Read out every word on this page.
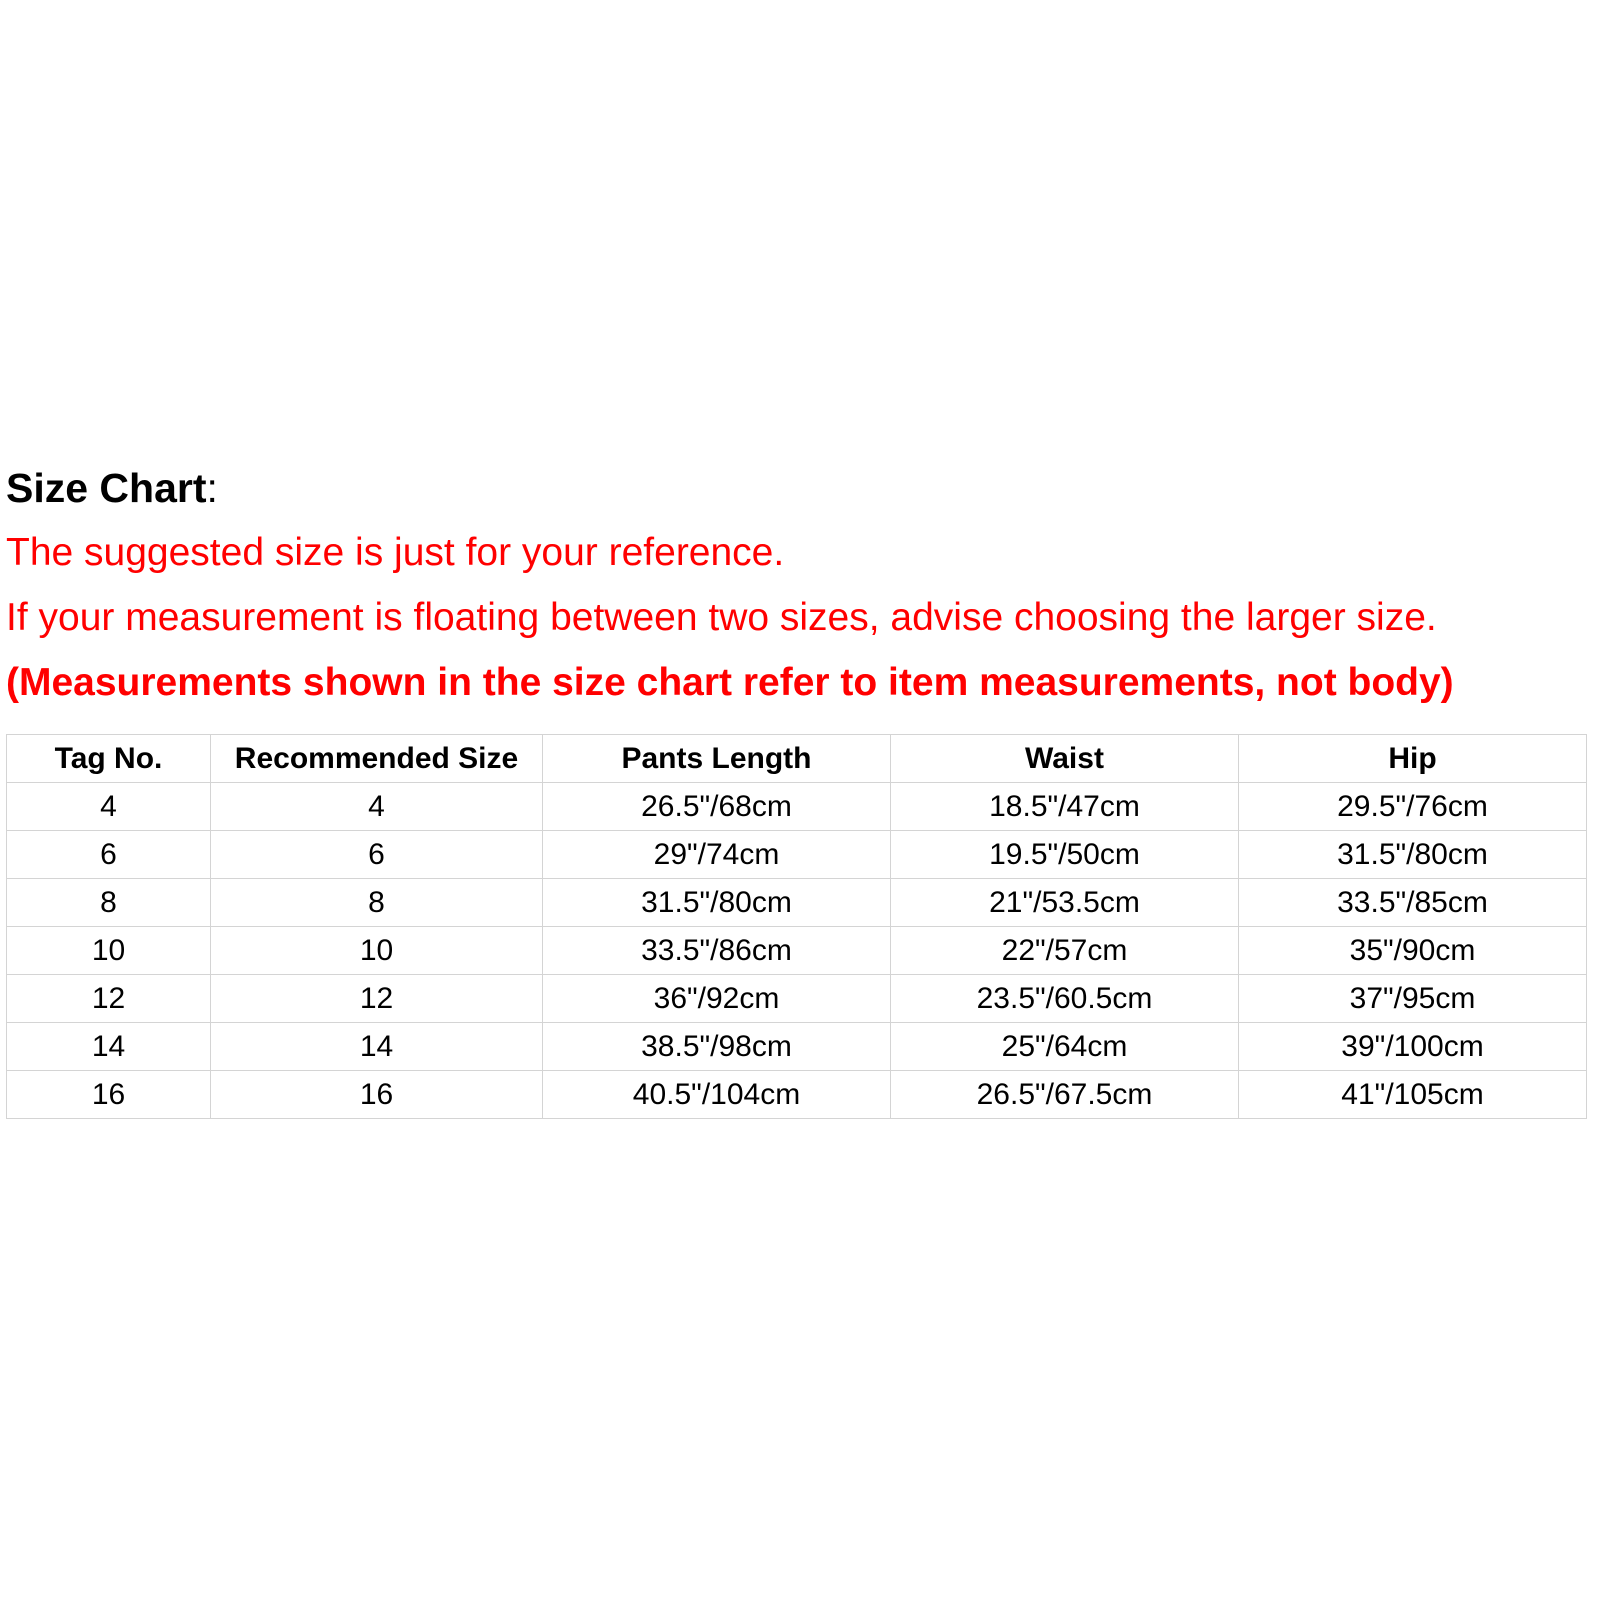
Size Chart:
The suggested size is just for your reference.
If your measurement is floating between two sizes, advise choosing the larger size.
(Measurements shown in the size chart refer to item measurements, not body)
Tag No.	Recommended Size	Pants Length	Waist	Hip
4	4	26.5"/68cm	18.5"/47cm	29.5"/76cm
6	6	29"/74cm	19.5"/50cm	31.5"/80cm
8	8	31.5"/80cm	21"/53.5cm	33.5"/85cm
10	10	33.5"/86cm	22"/57cm	35"/90cm
12	12	36"/92cm	23.5"/60.5cm	37"/95cm
14	14	38.5"/98cm	25"/64cm	39"/100cm
16	16	40.5"/104cm	26.5"/67.5cm	41"/105cm
